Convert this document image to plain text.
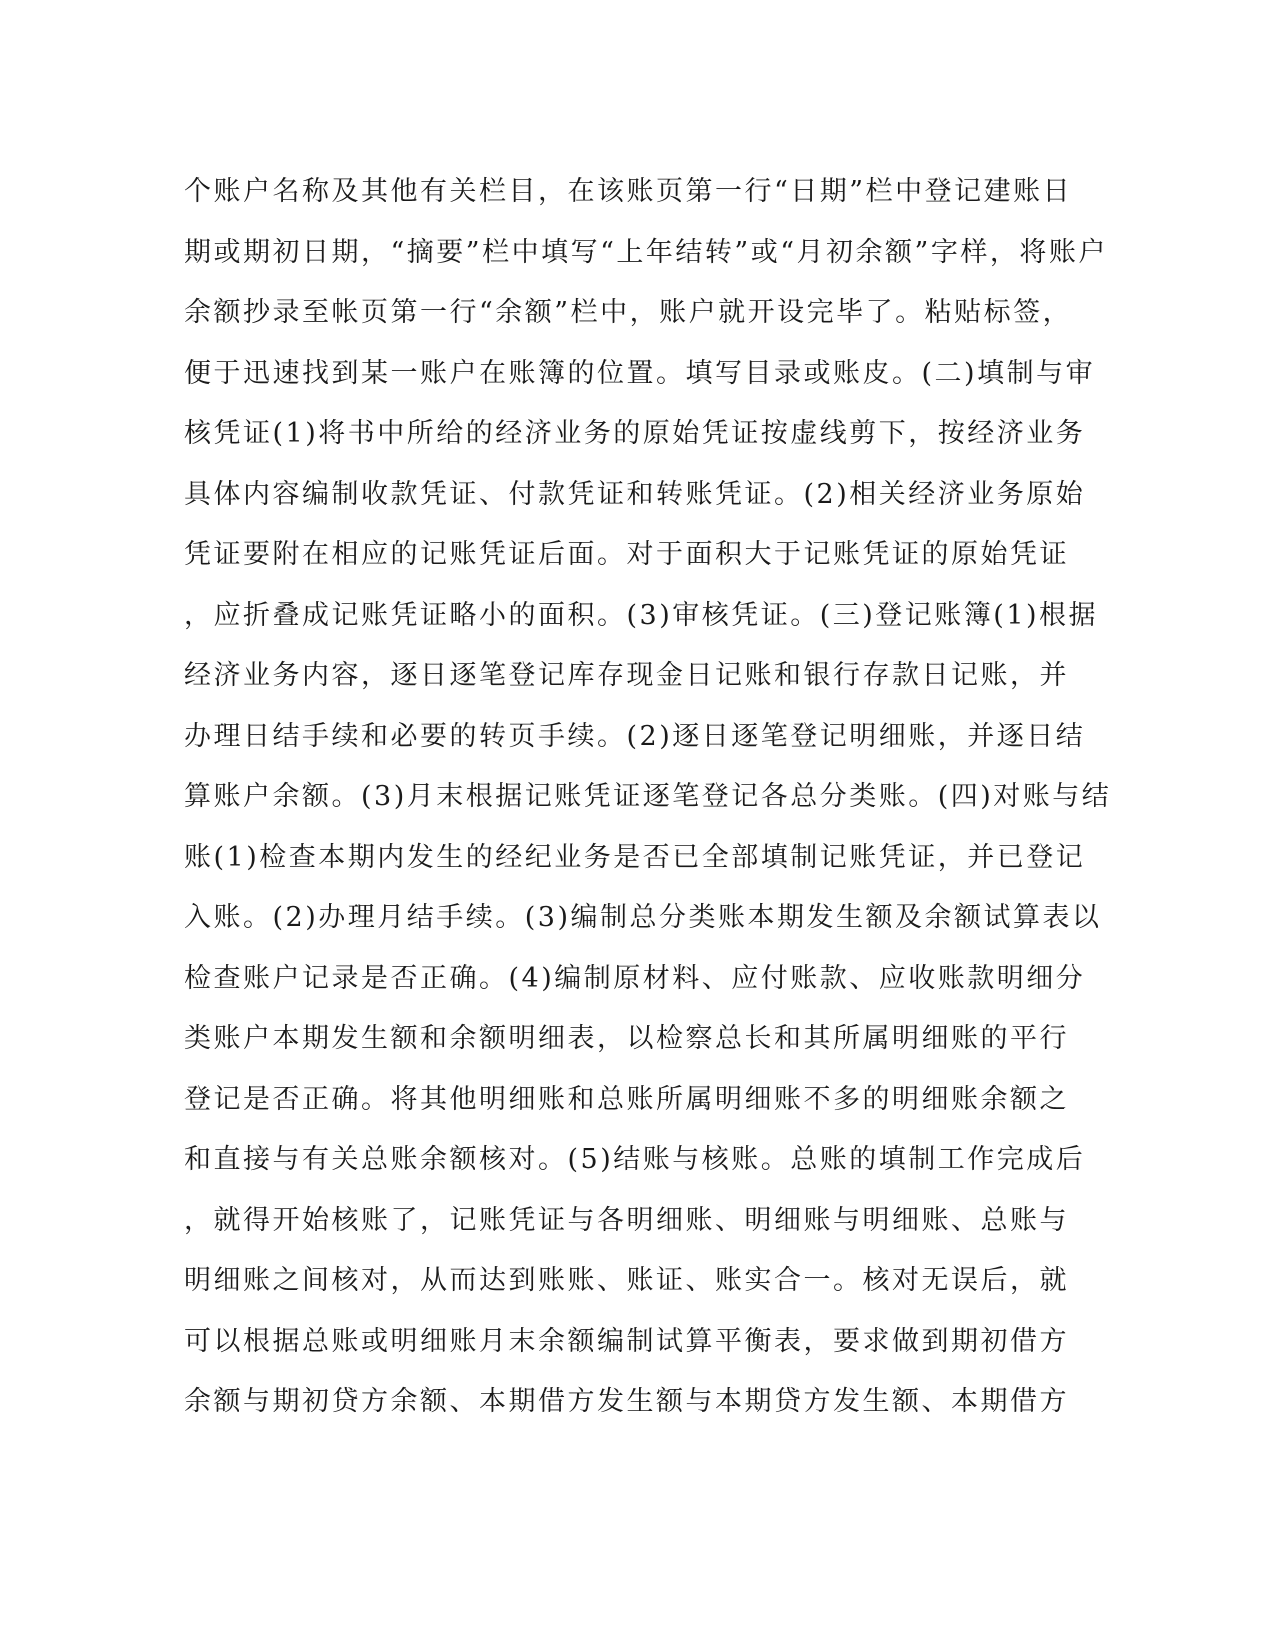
个账户名称及其他有关栏目，在该账页第一行“日期”栏中登记建账日
期或期初日期，“摘要”栏中填写“上年结转”或“月初余额”字样，将账户
余额抄录至帐页第一行“余额”栏中，账户就开设完毕了。粘贴标签，
便于迅速找到某一账户在账簿的位置。填写目录或账皮。(二)填制与审
核凭证(1)将书中所给的经济业务的原始凭证按虚线剪下，按经济业务
具体内容编制收款凭证、付款凭证和转账凭证。(2)相关经济业务原始
凭证要附在相应的记账凭证后面。对于面积大于记账凭证的原始凭证
，应折叠成记账凭证略小的面积。(3)审核凭证。(三)登记账簿(1)根据
经济业务内容，逐日逐笔登记库存现金日记账和银行存款日记账，并
办理日结手续和必要的转页手续。(2)逐日逐笔登记明细账，并逐日结
算账户余额。(3)月末根据记账凭证逐笔登记各总分类账。(四)对账与结
账(1)检查本期内发生的经纪业务是否已全部填制记账凭证，并已登记
入账。(2)办理月结手续。(3)编制总分类账本期发生额及余额试算表以
检查账户记录是否正确。(4)编制原材料、应付账款、应收账款明细分
类账户本期发生额和余额明细表，以检察总长和其所属明细账的平行
登记是否正确。将其他明细账和总账所属明细账不多的明细账余额之
和直接与有关总账余额核对。(5)结账与核账。总账的填制工作完成后
，就得开始核账了，记账凭证与各明细账、明细账与明细账、总账与
明细账之间核对，从而达到账账、账证、账实合一。核对无误后，就
可以根据总账或明细账月末余额编制试算平衡表，要求做到期初借方
余额与期初贷方余额、本期借方发生额与本期贷方发生额、本期借方
